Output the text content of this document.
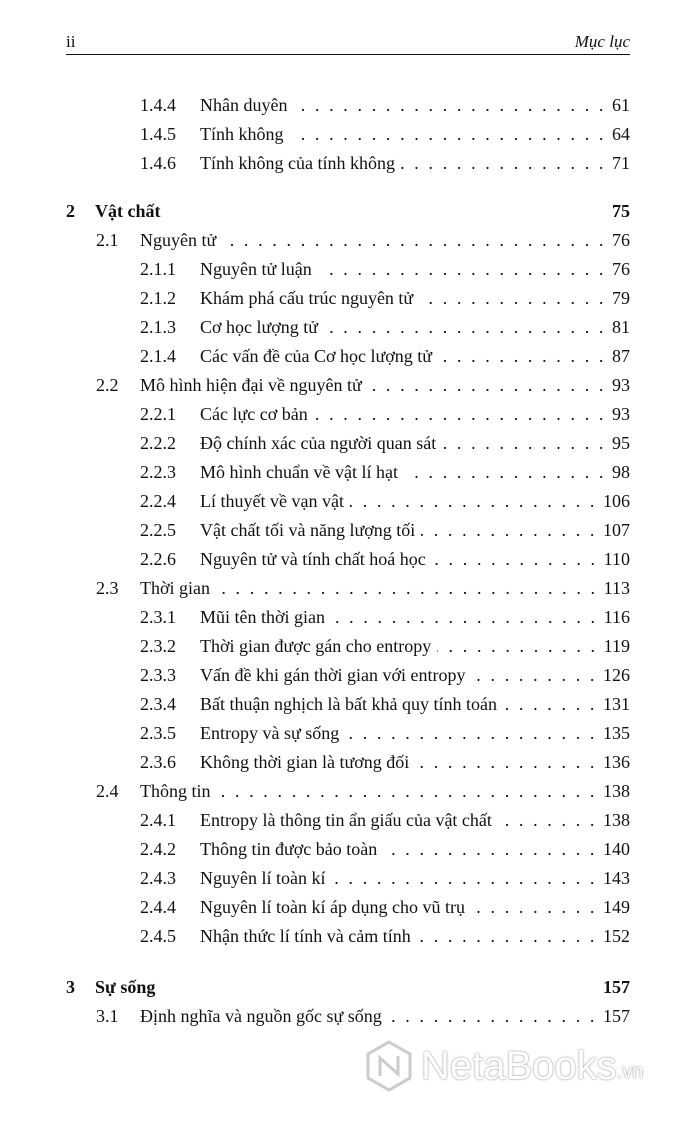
ii	Mục lục
1.4.4	Nhân duyên . . .	61
1.4.5	Tính không . . .	64
1.4.6	Tính không của tính không . . .	71
2	Vật chất	75
2.1	Nguyên tử . . .	76
2.1.1	Nguyên tử luận . . .	76
2.1.2	Khám phá cấu trúc nguyên tử . . .	79
2.1.3	Cơ học lượng tử . . .	81
2.1.4	Các vấn đề của Cơ học lượng tử . . .	87
2.2	Mô hình hiện đại về nguyên tử . . .	93
2.2.1	Các lực cơ bản . . .	93
2.2.2	Độ chính xác của người quan sát . . .	95
2.2.3	Mô hình chuẩn về vật lí hạt . . .	98
2.2.4	Lí thuyết về vạn vật . . .	106
2.2.5	Vật chất tối và năng lượng tối . . .	107
2.2.6	Nguyên tử và tính chất hoá học . . .	110
2.3	Thời gian . . .	113
2.3.1	Mũi tên thời gian . . .	116
2.3.2	Thời gian được gán cho entropy . . .	119
2.3.3	Vấn đề khi gán thời gian với entropy . . .	126
2.3.4	Bất thuận nghịch là bất khả quy tính toán . . .	131
2.3.5	Entropy và sự sống . . .	135
2.3.6	Không thời gian là tương đối . . .	136
2.4	Thông tin . . .	138
2.4.1	Entropy là thông tin ẩn giấu của vật chất . . .	138
2.4.2	Thông tin được bảo toàn . . .	140
2.4.3	Nguyên lí toàn kí . . .	143
2.4.4	Nguyên lí toàn kí áp dụng cho vũ trụ . . .	149
2.4.5	Nhận thức lí tính và cảm tính . . .	152
3	Sự sống	157
3.1	Định nghĩa và nguồn gốc sự sống . . .	157
NetaBooks .vn
